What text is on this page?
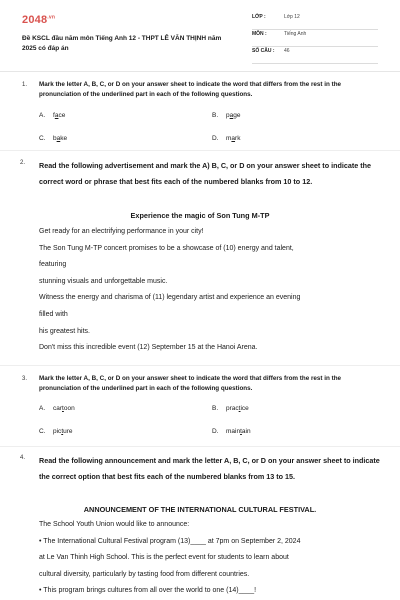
$2048^{.vn}$
Đề KSCL đầu năm môn Tiếng Anh 12 - THPT LÊ VĂN THỊNH năm 2025 có đáp án
LỚP :	Lớp 12
MÔN :	Tiếng Anh
SỐ CÂU :	46
1. Mark the letter A, B, C, or D on your answer sheet to indicate the word that differs from the rest in the pronunciation of the underlined part in each of the following questions.
A. face	B. page
C. bake	D. mark
2. Read the following advertisement and mark the A) B, C, or D on your answer sheet to indicate the correct word or phrase that best fits each of the numbered blanks from 10 to 12.
Experience the magic of Son Tung M-TP
Get ready for an electrifying performance in your city!
The Son Tung M-TP concert promises to be a showcase of (10) energy and talent,
featuring
stunning visuals and unforgettable music.
Witness the energy and charisma of (11) legendary artist and experience an evening
filled with
his greatest hits.
Don't miss this incredible event (12) September 15 at the Hanoi Arena.
3. Mark the letter A, B, C, or D on your answer sheet to indicate the word that differs from the rest in the pronunciation of the underlined part in each of the following questions.
A. cartoon	B. practice
C. picture	D. maintain
4. Read the following announcement and mark the letter A, B, C, or D on your answer sheet to indicate the correct option that best fits each of the numbered blanks from 13 to 15.
ANNOUNCEMENT OF THE INTERNATIONAL CULTURAL FESTIVAL.
The School Youth Union would like to announce:
• The International Cultural Festival program (13)____ at 7pm on September 2, 2024
at Le Van Thinh High School. This is the perfect event for students to learn about
cultural diversity, particularly by tasting food from different countries.
• This program brings cultures from all over the world to one (14)____!
